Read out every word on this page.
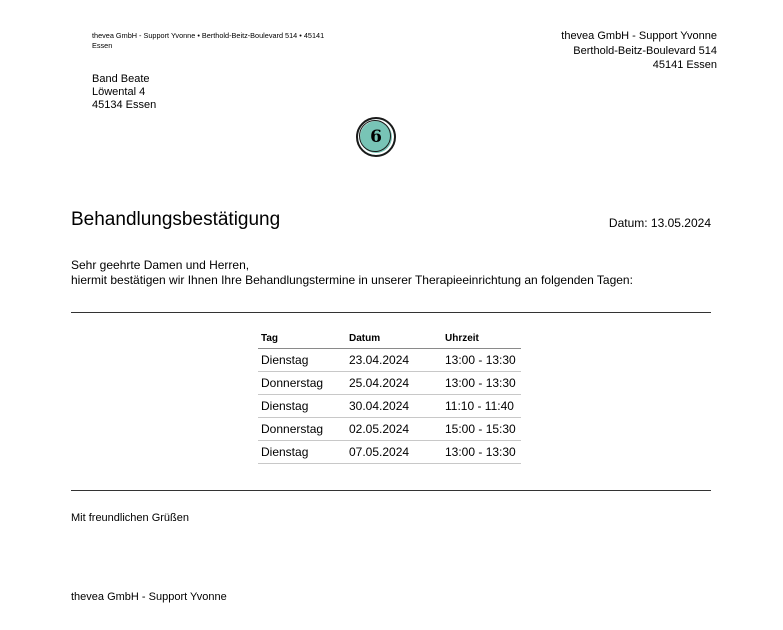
thevea GmbH - Support Yvonne • Berthold-Beitz-Boulevard 514 • 45141 Essen
thevea GmbH - Support Yvonne
Berthold-Beitz-Boulevard 514
45141 Essen
Band Beate
Löwental 4
45134 Essen
6
Behandlungsbestätigung	Datum: 13.05.2024
Sehr geehrte Damen und Herren,
hiermit bestätigen wir Ihnen Ihre Behandlungstermine in unserer Therapieeinrichtung an folgenden Tagen:
Tag	Datum	Uhrzeit
Dienstag	23.04.2024	13:00 - 13:30
Donnerstag	25.04.2024	13:00 - 13:30
Dienstag	30.04.2024	11:10 - 11:40
Donnerstag	02.05.2024	15:00 - 15:30
Dienstag	07.05.2024	13:00 - 13:30
Mit freundlichen Grüßen
thevea GmbH - Support Yvonne
